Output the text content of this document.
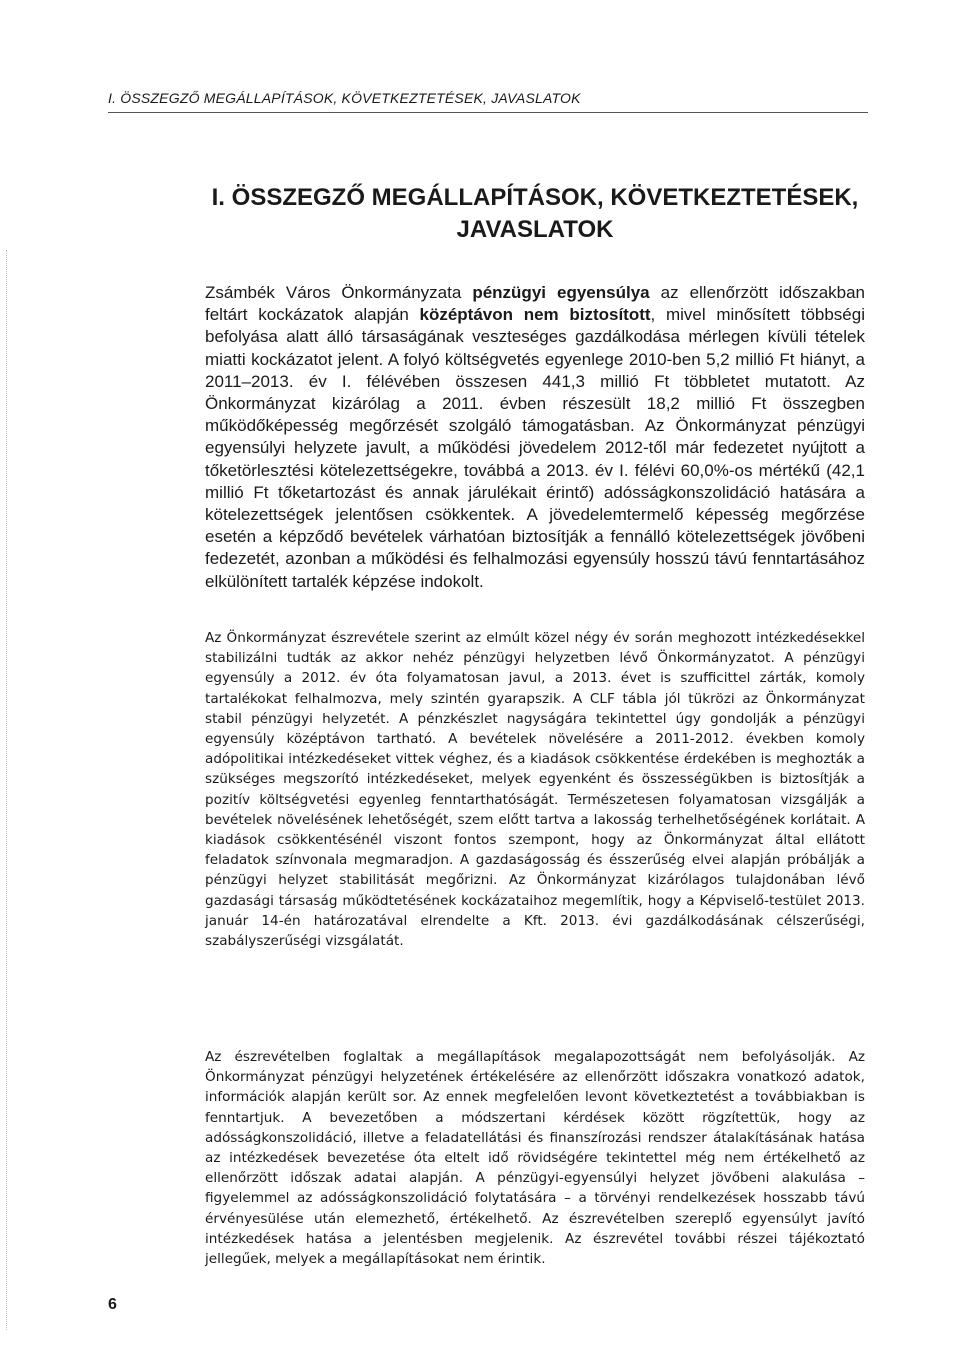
I. ÖSSZEGZŐ MEGÁLLAPÍTÁSOK, KÖVETKEZTETÉSEK, JAVASLATOK
I. ÖSSZEGZŐ MEGÁLLAPÍTÁSOK, KÖVETKEZTETÉSEK, JAVASLATOK

Zsámbék Város Önkormányzata pénzügyi egyensúlya az ellenőrzött időszakban feltárt kockázatok alapján középtávon nem biztosított, mivel minősített többségi befolyása alatt álló társaságának veszteséges gazdálkodása mérlegen kívüli tételek miatti kockázatot jelent. A folyó költségvetés egyenlege 2010-ben 5,2 millió Ft hiányt, a 2011–2013. év I. félévében összesen 441,3 millió Ft többletet mutatott. Az Önkormányzat kizárólag a 2011. évben részesült 18,2 millió Ft összegben működőképesség megőrzését szolgáló támogatásban. Az Önkormányzat pénzügyi egyensúlyi helyzete javult, a működési jövedelem 2012-től már fedezetet nyújtott a tőketörlesztési kötelezettségekre, továbbá a 2013. év I. félévi 60,0%-os mértékű (42,1 millió Ft tőketartozást és annak járulékait érintő) adósságkonszolidáció hatására a kötelezettségek jelentősen csökkentek. A jövedelemtermelő képesség megőrzése esetén a képződő bevételek várhatóan biztosítják a fennálló kötelezettségek jövőbeni fedezetét, azonban a működési és felhalmozási egyensúly hosszú távú fenntartásához elkülönített tartalék képzése indokolt.

Az Önkormányzat észrevétele szerint az elmúlt közel négy év során meghozott intézkedésekkel stabilizálni tudták az akkor nehéz pénzügyi helyzetben lévő Önkormányzatot. A pénzügyi egyensúly a 2012. év óta folyamatosan javul, a 2013. évet is szufficittel zárták, komoly tartalékokat felhalmozva, mely szintén gyarapszik. A CLF tábla jól tükrözi az Önkormányzat stabil pénzügyi helyzetét. A pénzkészlet nagyságára tekintettel úgy gondolják a pénzügyi egyensúly középtávon tartható. A bevételek növelésére a 2011-2012. években komoly adópolitikai intézkedéseket vittek véghez, és a kiadások csökkentése érdekében is meghozták a szükséges megszorító intézkedéseket, melyek egyenként és összességükben is biztosítják a pozitív költségvetési egyenleg fenntarthatóságát. Természetesen folyamatosan vizsgálják a bevételek növelésének lehetőségét, szem előtt tartva a lakosság terhelhetőségének korlátait. A kiadások csökkentésénél viszont fontos szempont, hogy az Önkormányzat által ellátott feladatok színvonala megmaradjon. A gazdaságosság és ésszerűség elvei alapján próbálják a pénzügyi helyzet stabilitását megőrizni. Az Önkormányzat kizárólagos tulajdonában lévő gazdasági társaság működtetésének kockázataihoz megemlítik, hogy a Képviselő-testület 2013. január 14-én határozatával elrendelte a Kft. 2013. évi gazdálkodásának célszerűségi, szabályszerűségi vizsgálatát.

Az észrevételben foglaltak a megállapítások megalapozottságát nem befolyásolják. Az Önkormányzat pénzügyi helyzetének értékelésére az ellenőrzött időszakra vonatkozó adatok, információk alapján került sor. Az ennek megfelelően levont következtetést a továbbiakban is fenntartjuk. A bevezetőben a módszertani kérdések között rögzítettük, hogy az adósságkonszolidáció, illetve a feladatellátási és finanszírozási rendszer átalakításának hatása az intézkedések bevezetése óta eltelt idő rövidségére tekintettel még nem értékelhető az ellenőrzött időszak adatai alapján. A pénzügyi-egyensúlyi helyzet jövőbeni alakulása – figyelemmel az adósságkonszolidáció folytatására – a törvényi rendelkezések hosszabb távú érvényesülése után elemezhető, értékelhető. Az észrevételben szereplő egyensúlyt javító intézkedések hatása a jelentésben megjelenik. Az észrevétel további részei tájékoztató jellegűek, melyek a megállapításokat nem érintik.

6
